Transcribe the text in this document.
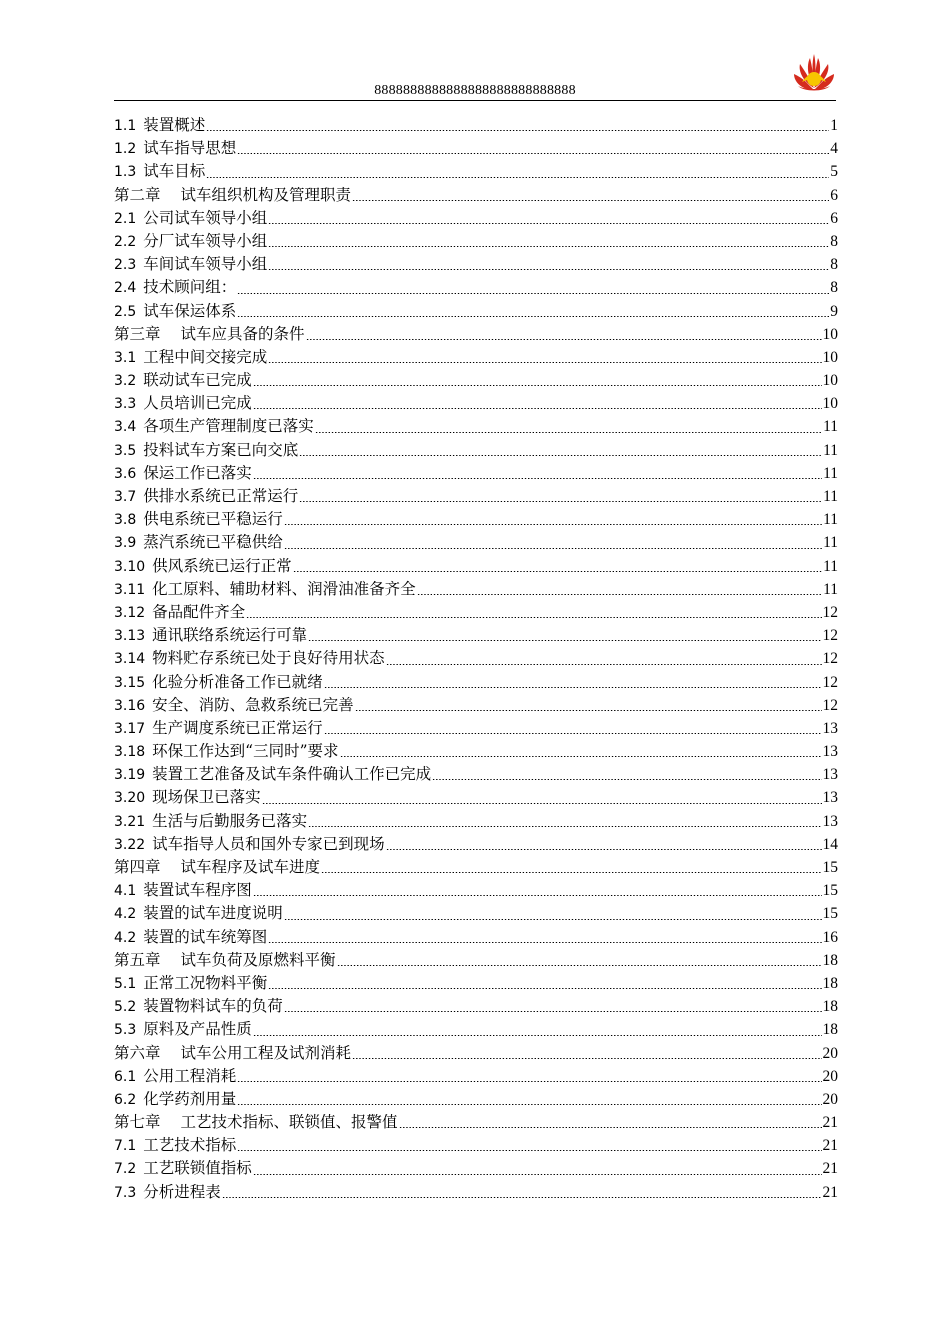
8888888888888888888888888888
1.1 装置概述	1
1.2 试车指导思想	4
1.3 试车目标	5
第二章 试车组织机构及管理职责	6
2.1 公司试车领导小组	6
2.2 分厂试车领导小组	8
2.3 车间试车领导小组	8
2.4 技术顾问组：	8
2.5 试车保运体系	9
第三章 试车应具备的条件	10
3.1 工程中间交接完成	10
3.2 联动试车已完成	10
3.3 人员培训已完成	10
3.4 各项生产管理制度已落实	11
3.5 投料试车方案已向交底	11
3.6 保运工作已落实	11
3.7 供排水系统已正常运行	11
3.8 供电系统已平稳运行	11
3.9 蒸汽系统已平稳供给	11
3.10 供风系统已运行正常	11
3.11 化工原料、辅助材料、润滑油准备齐全	11
3.12 备品配件齐全	12
3.13 通讯联络系统运行可靠	12
3.14 物料贮存系统已处于良好待用状态	12
3.15 化验分析准备工作已就绪	12
3.16 安全、消防、急救系统已完善	12
3.17 生产调度系统已正常运行	13
3.18 环保工作达到“三同时”要求	13
3.19 装置工艺准备及试车条件确认工作已完成	13
3.20 现场保卫已落实	13
3.21 生活与后勤服务已落实	13
3.22 试车指导人员和国外专家已到现场	14
第四章 试车程序及试车进度	15
4.1 装置试车程序图	15
4.2 装置的试车进度说明	15
4.2 装置的试车统筹图	16
第五章 试车负荷及原燃料平衡	18
5.1 正常工况物料平衡	18
5.2 装置物料试车的负荷	18
5.3 原料及产品性质	18
第六章 试车公用工程及试剂消耗	20
6.1 公用工程消耗	20
6.2 化学药剂用量	20
第七章 工艺技术指标、联锁值、报警值	21
7.1 工艺技术指标	21
7.2 工艺联锁值指标	21
7.3 分析进程表	21
